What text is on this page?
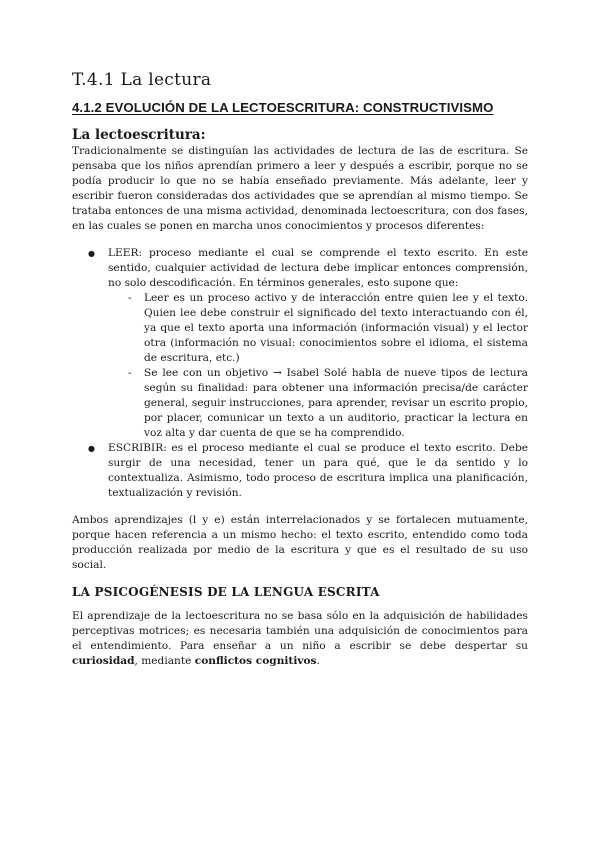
T.4.1 La lectura
4.1.2 EVOLUCIÓN DE LA LECTOESCRITURA: CONSTRUCTIVISMO
La lectoescritura:

Tradicionalmente se distinguían las actividades de lectura de las de escritura. Se pensaba que los niños aprendían primero a leer y después a escribir, porque no se podía producir lo que no se había enseñado previamente. Más adelante, leer y escribir fueron consideradas dos actividades que se aprendían al mismo tiempo. Se trataba entonces de una misma actividad, denominada lectoescritura, con dos fases, en las cuales se ponen en marcha unos conocimientos y procesos diferentes:

● LEER: proceso mediante el cual se comprende el texto escrito. En este sentido, cualquier actividad de lectura debe implicar entonces comprensión, no solo descodificación. En términos generales, esto supone que:
- Leer es un proceso activo y de interacción entre quien lee y el texto. Quien lee debe construir el significado del texto interactuando con él, ya que el texto aporta una información (información visual) y el lector otra (información no visual: conocimientos sobre el idioma, el sistema de escritura, etc.)
- Se lee con un objetivo → Isabel Solé habla de nueve tipos de lectura según su finalidad: para obtener una información precisa/de carácter general, seguir instrucciones, para aprender, revisar un escrito propio, por placer, comunicar un texto a un auditorio, practicar la lectura en voz alta y dar cuenta de que se ha comprendido.
● ESCRIBIR: es el proceso mediante el cual se produce el texto escrito. Debe surgir de una necesidad, tener un para qué, que le da sentido y lo contextualiza. Asimismo, todo proceso de escritura implica una planificación, textualización y revisión.

Ambos aprendizajes (l y e) están interrelacionados y se fortalecen mutuamente, porque hacen referencia a un mismo hecho: el texto escrito, entendido como toda producción realizada por medio de la escritura y que es el resultado de su uso social.

LA PSICOGÉNESIS DE LA LENGUA ESCRITA

El aprendizaje de la lectoescritura no se basa sólo en la adquisición de habilidades perceptivas motrices; es necesaria también una adquisición de conocimientos para el entendimiento. Para enseñar a un niño a escribir se debe despertar su curiosidad, mediante conflictos cognitivos.
